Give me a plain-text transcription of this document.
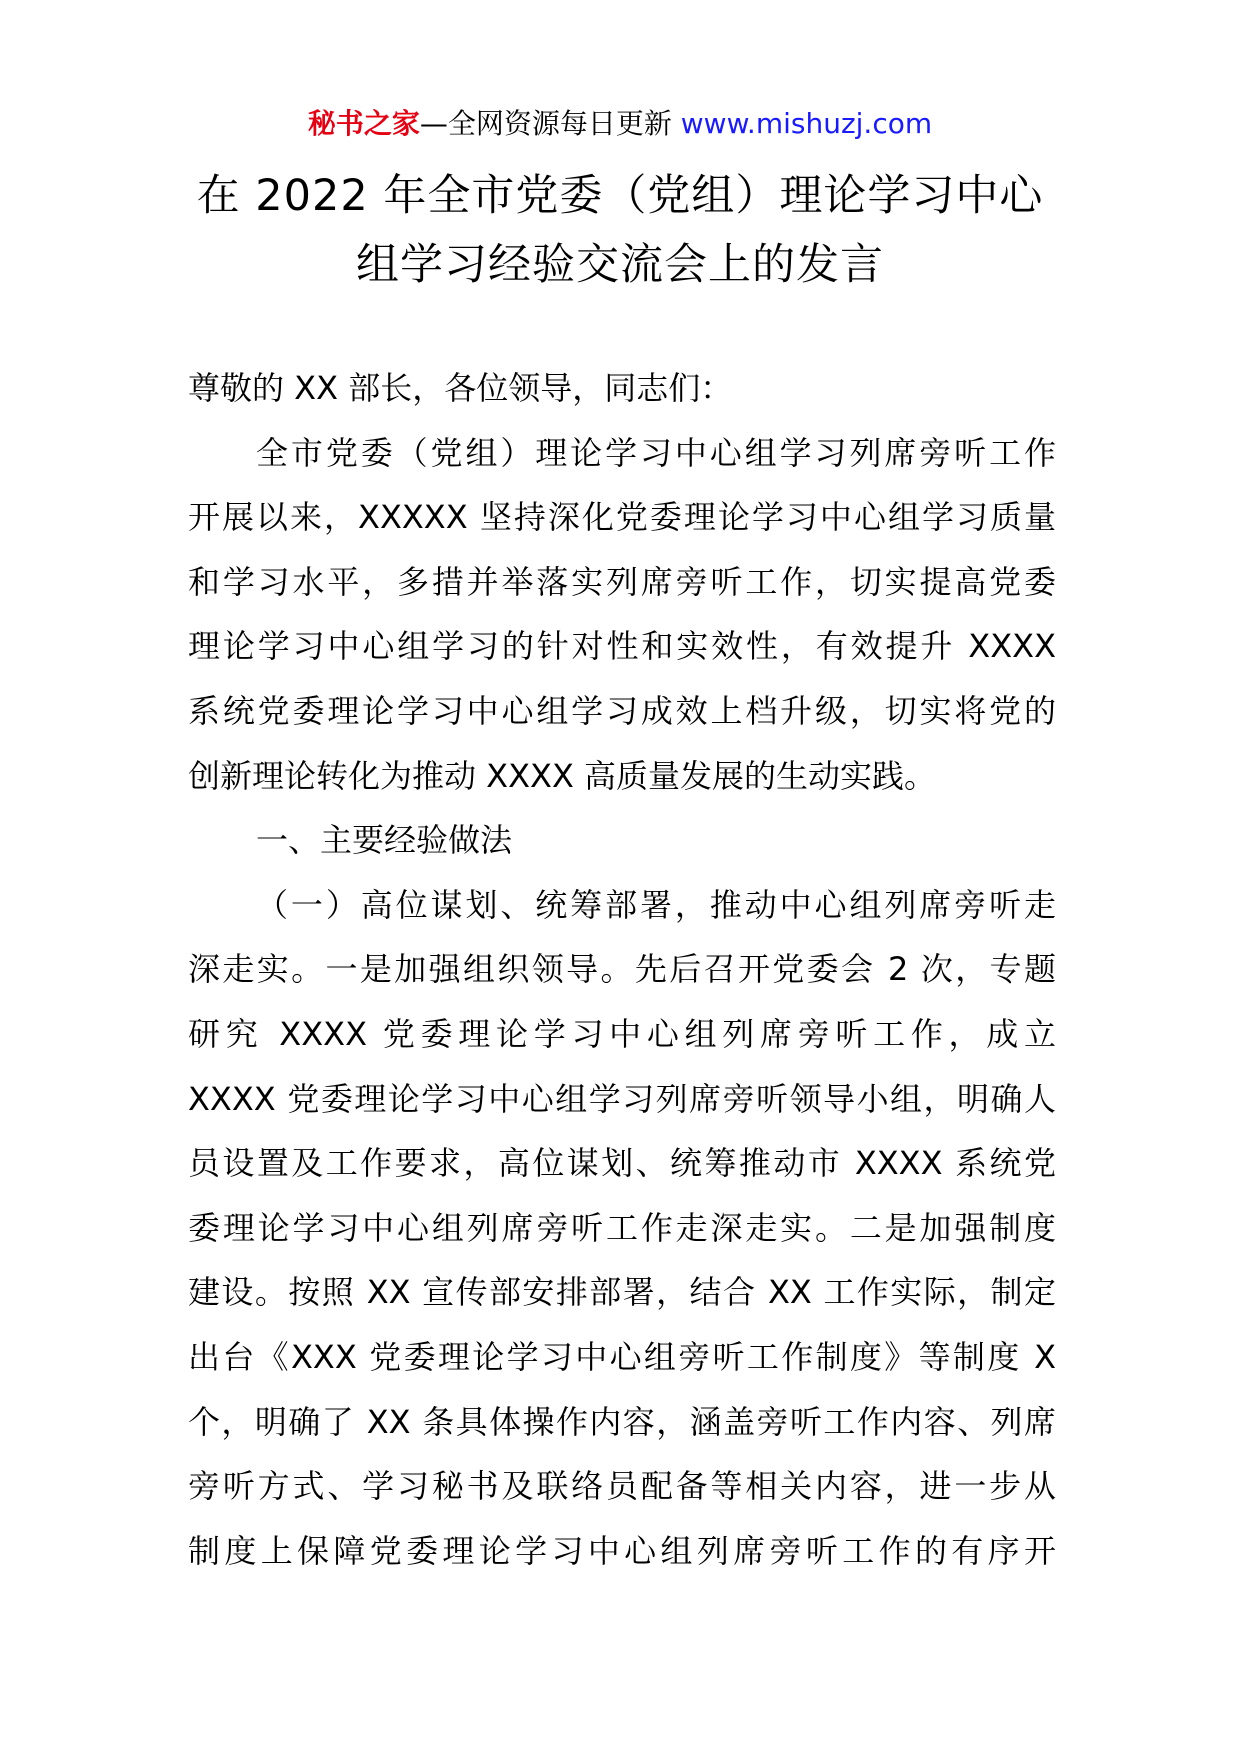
秘书之家—全网资源每日更新 www.mishuzj.com
在 2022 年全市党委（党组）理论学习中心
组学习经验交流会上的发言
尊敬的 XX 部长，各位领导，同志们：
全市党委（党组）理论学习中心组学习列席旁听工作
开展以来，XXXXX 坚持深化党委理论学习中心组学习质量
和学习水平，多措并举落实列席旁听工作，切实提高党委
理论学习中心组学习的针对性和实效性，有效提升 XXXX
系统党委理论学习中心组学习成效上档升级，切实将党的
创新理论转化为推动 XXXX 高质量发展的生动实践。
一、主要经验做法
（一）高位谋划、统筹部署，推动中心组列席旁听走
深走实。一是加强组织领导。先后召开党委会 2 次，专题
研究 XXXX 党委理论学习中心组列席旁听工作，成立
XXXX 党委理论学习中心组学习列席旁听领导小组，明确人
员设置及工作要求，高位谋划、统筹推动市 XXXX 系统党
委理论学习中心组列席旁听工作走深走实。二是加强制度
建设。按照 XX 宣传部安排部署，结合 XX 工作实际，制定
出台《XXX 党委理论学习中心组旁听工作制度》等制度 X
个，明确了 XX 条具体操作内容，涵盖旁听工作内容、列席
旁听方式、学习秘书及联络员配备等相关内容，进一步从
制度上保障党委理论学习中心组列席旁听工作的有序开
